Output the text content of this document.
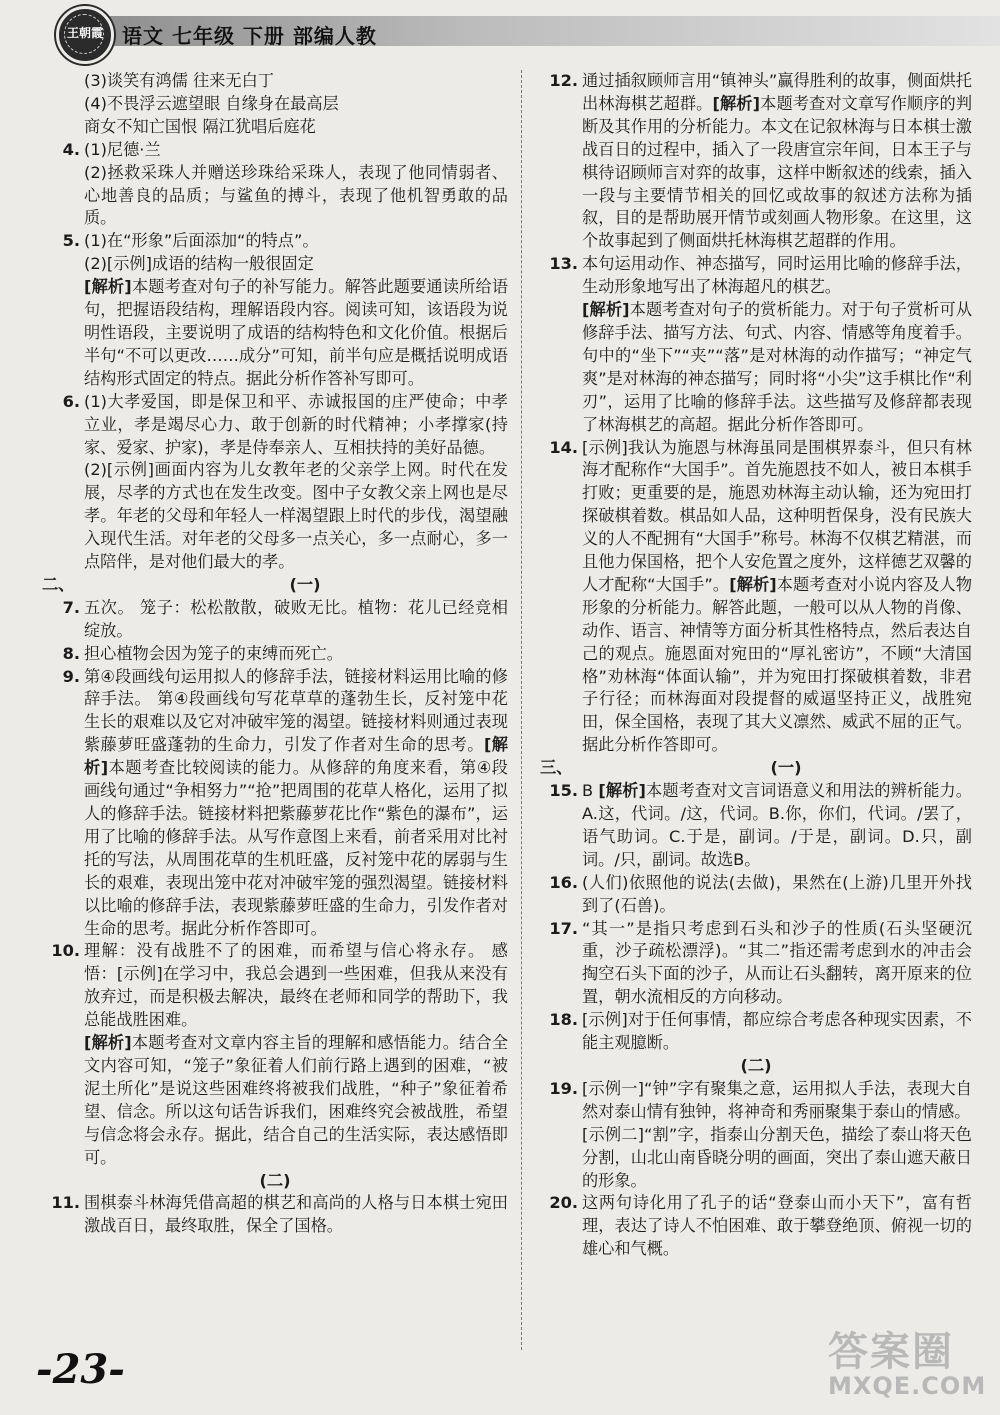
王朝霞 语文 七年级 下册 部编人教

(3)谈笑有鸿儒 往来无白丁

(4)不畏浮云遮望眼 自缘身在最高层

商女不知亡国恨 隔江犹唱后庭花

4. (1)尼德·兰

(2)拯救采珠人并赠送珍珠给采珠人，表现了他同情弱者、心地善良的品质；与鲨鱼的搏斗，表现了他机智勇敢的品质。

5. (1)在“形象”后面添加“的特点”。

(2)[示例]成语的结构一般很固定

[解析]本题考查对句子的补写能力。解答此题要通读所给语句，把握语段结构，理解语段内容。阅读可知，该语段为说明性语段，主要说明了成语的结构特色和文化价值。根据后半句“不可以更改……成分”可知，前半句应是概括说明成语结构形式固定的特点。据此分析作答补写即可。

6. (1)大孝爱国，即是保卫和平、赤诚报国的庄严使命；中孝立业，孝是竭尽心力、敢于创新的时代精神；小孝撑家(持家、爱家、护家)，孝是侍奉亲人、互相扶持的美好品德。

(2)[示例]画面内容为儿女教年老的父亲学上网。时代在发展，尽孝的方式也在发生改变。图中子女教父亲上网也是尽孝。年老的父母和年轻人一样渴望跟上时代的步伐，渴望融入现代生活。对年老的父母多一点关心，多一点耐心，多一点陪伴，是对他们最大的孝。

二、	(一)
7. 五次。 笼子：松松散散，破败无比。植物：花儿已经竞相绽放。

8. 担心植物会因为笼子的束缚而死亡。

9. 第④段画线句运用拟人的修辞手法，链接材料运用比喻的修辞手法。 第④段画线句写花草草的蓬勃生长，反衬笼中花生长的艰难以及它对冲破牢笼的渴望。链接材料则通过表现紫藤萝旺盛蓬勃的生命力，引发了作者对生命的思考。[解析]本题考查比较阅读的能力。从修辞的角度来看，第④段画线句通过“争相努力”“抢”把周围的花草人格化，运用了拟人的修辞手法。链接材料把紫藤萝花比作“紫色的瀑布”，运用了比喻的修辞手法。从写作意图上来看，前者采用对比衬托的写法，从周围花草的生机旺盛，反衬笼中花的孱弱与生长的艰难，表现出笼中花对冲破牢笼的强烈渴望。链接材料以比喻的修辞手法，表现紫藤萝旺盛的生命力，引发作者对生命的思考。据此分析作答即可。

10. 理解：没有战胜不了的困难，而希望与信心将永存。 感悟：[示例]在学习中，我总会遇到一些困难，但我从来没有放弃过，而是积极去解决，最终在老师和同学的帮助下，我总能战胜困难。

[解析]本题考查对文章内容主旨的理解和感悟能力。结合全文内容可知，“笼子”象征着人们前行路上遇到的困难，“被泥土所化”是说这些困难终将被我们战胜，“种子”象征着希望、信念。所以这句话告诉我们，困难终究会被战胜，希望与信念将会永存。据此，结合自己的生活实际，表达感悟即可。

(二)

11. 围棋泰斗林海凭借高超的棋艺和高尚的人格与日本棋士宛田激战百日，最终取胜，保全了国格。

12. 通过插叙顾师言用“镇神头”赢得胜利的故事，侧面烘托出林海棋艺超群。[解析]本题考查对文章写作顺序的判断及其作用的分析能力。本文在记叙林海与日本棋士激战百日的过程中，插入了一段唐宣宗年间，日本王子与棋待诏顾师言对弈的故事，这样中断叙述的线索，插入一段与主要情节相关的回忆或故事的叙述方法称为插叙，目的是帮助展开情节或刻画人物形象。在这里，这个故事起到了侧面烘托林海棋艺超群的作用。

13. 本句运用动作、神态描写，同时运用比喻的修辞手法，生动形象地写出了林海超凡的棋艺。

[解析]本题考查对句子的赏析能力。对于句子赏析可从修辞手法、描写方法、句式、内容、情感等角度着手。句中的“坐下”“夹”“落”是对林海的动作描写；“神定气爽”是对林海的神态描写；同时将“小尖”这手棋比作“利刃”，运用了比喻的修辞手法。这些描写及修辞都表现了林海棋艺的高超。据此分析作答即可。

14. [示例]我认为施恩与林海虽同是围棋界泰斗，但只有林海才配称作“大国手”。首先施恩技不如人，被日本棋手打败；更重要的是，施恩劝林海主动认输，还为宛田打探破棋着数。棋品如人品，这种明哲保身，没有民族大义的人不配拥有“大国手”称号。林海不仅棋艺精湛，而且他力保国格，把个人安危置之度外，这样德艺双馨的人才配称“大国手”。[解析]本题考查对小说内容及人物形象的分析能力。解答此题，一般可以从人物的肖像、动作、语言、神情等方面分析其性格特点，然后表达自己的观点。施恩面对宛田的“厚礼密访”，不顾“大清国格”劝林海“体面认输”，并为宛田打探破棋着数，非君子行径；而林海面对段提督的威逼坚持正义，战胜宛田，保全国格，表现了其大义凛然、威武不屈的正气。据此分析作答即可。

三、	(一)
15. B [解析]本题考查对文言词语意义和用法的辨析能力。A.这，代词。/这，代词。B.你，你们，代词。/罢了，语气助词。C.于是，副词。/于是，副词。D.只，副词。/只，副词。故选B。

16. (人们)依照他的说法(去做)，果然在(上游)几里开外找到了(石兽)。

17. “其一”是指只考虑到石头和沙子的性质(石头坚硬沉重，沙子疏松漂浮)。“其二”指还需考虑到水的冲击会掏空石头下面的沙子，从而让石头翻转，离开原来的位置，朝水流相反的方向移动。

18. [示例]对于任何事情，都应综合考虑各种现实因素，不能主观臆断。

(二)

19. [示例一]“钟”字有聚集之意，运用拟人手法，表现大自然对泰山情有独钟，将神奇和秀丽聚集于泰山的情感。

[示例二]“割”字，指泰山分割天色，描绘了泰山将天色分割，山北山南昏晓分明的画面，突出了泰山遮天蔽日的形象。

20. 这两句诗化用了孔子的话“登泰山而小天下”，富有哲理，表达了诗人不怕困难、敢于攀登绝顶、俯视一切的雄心和气概。

-23-	答案圈
MXQE.COM
